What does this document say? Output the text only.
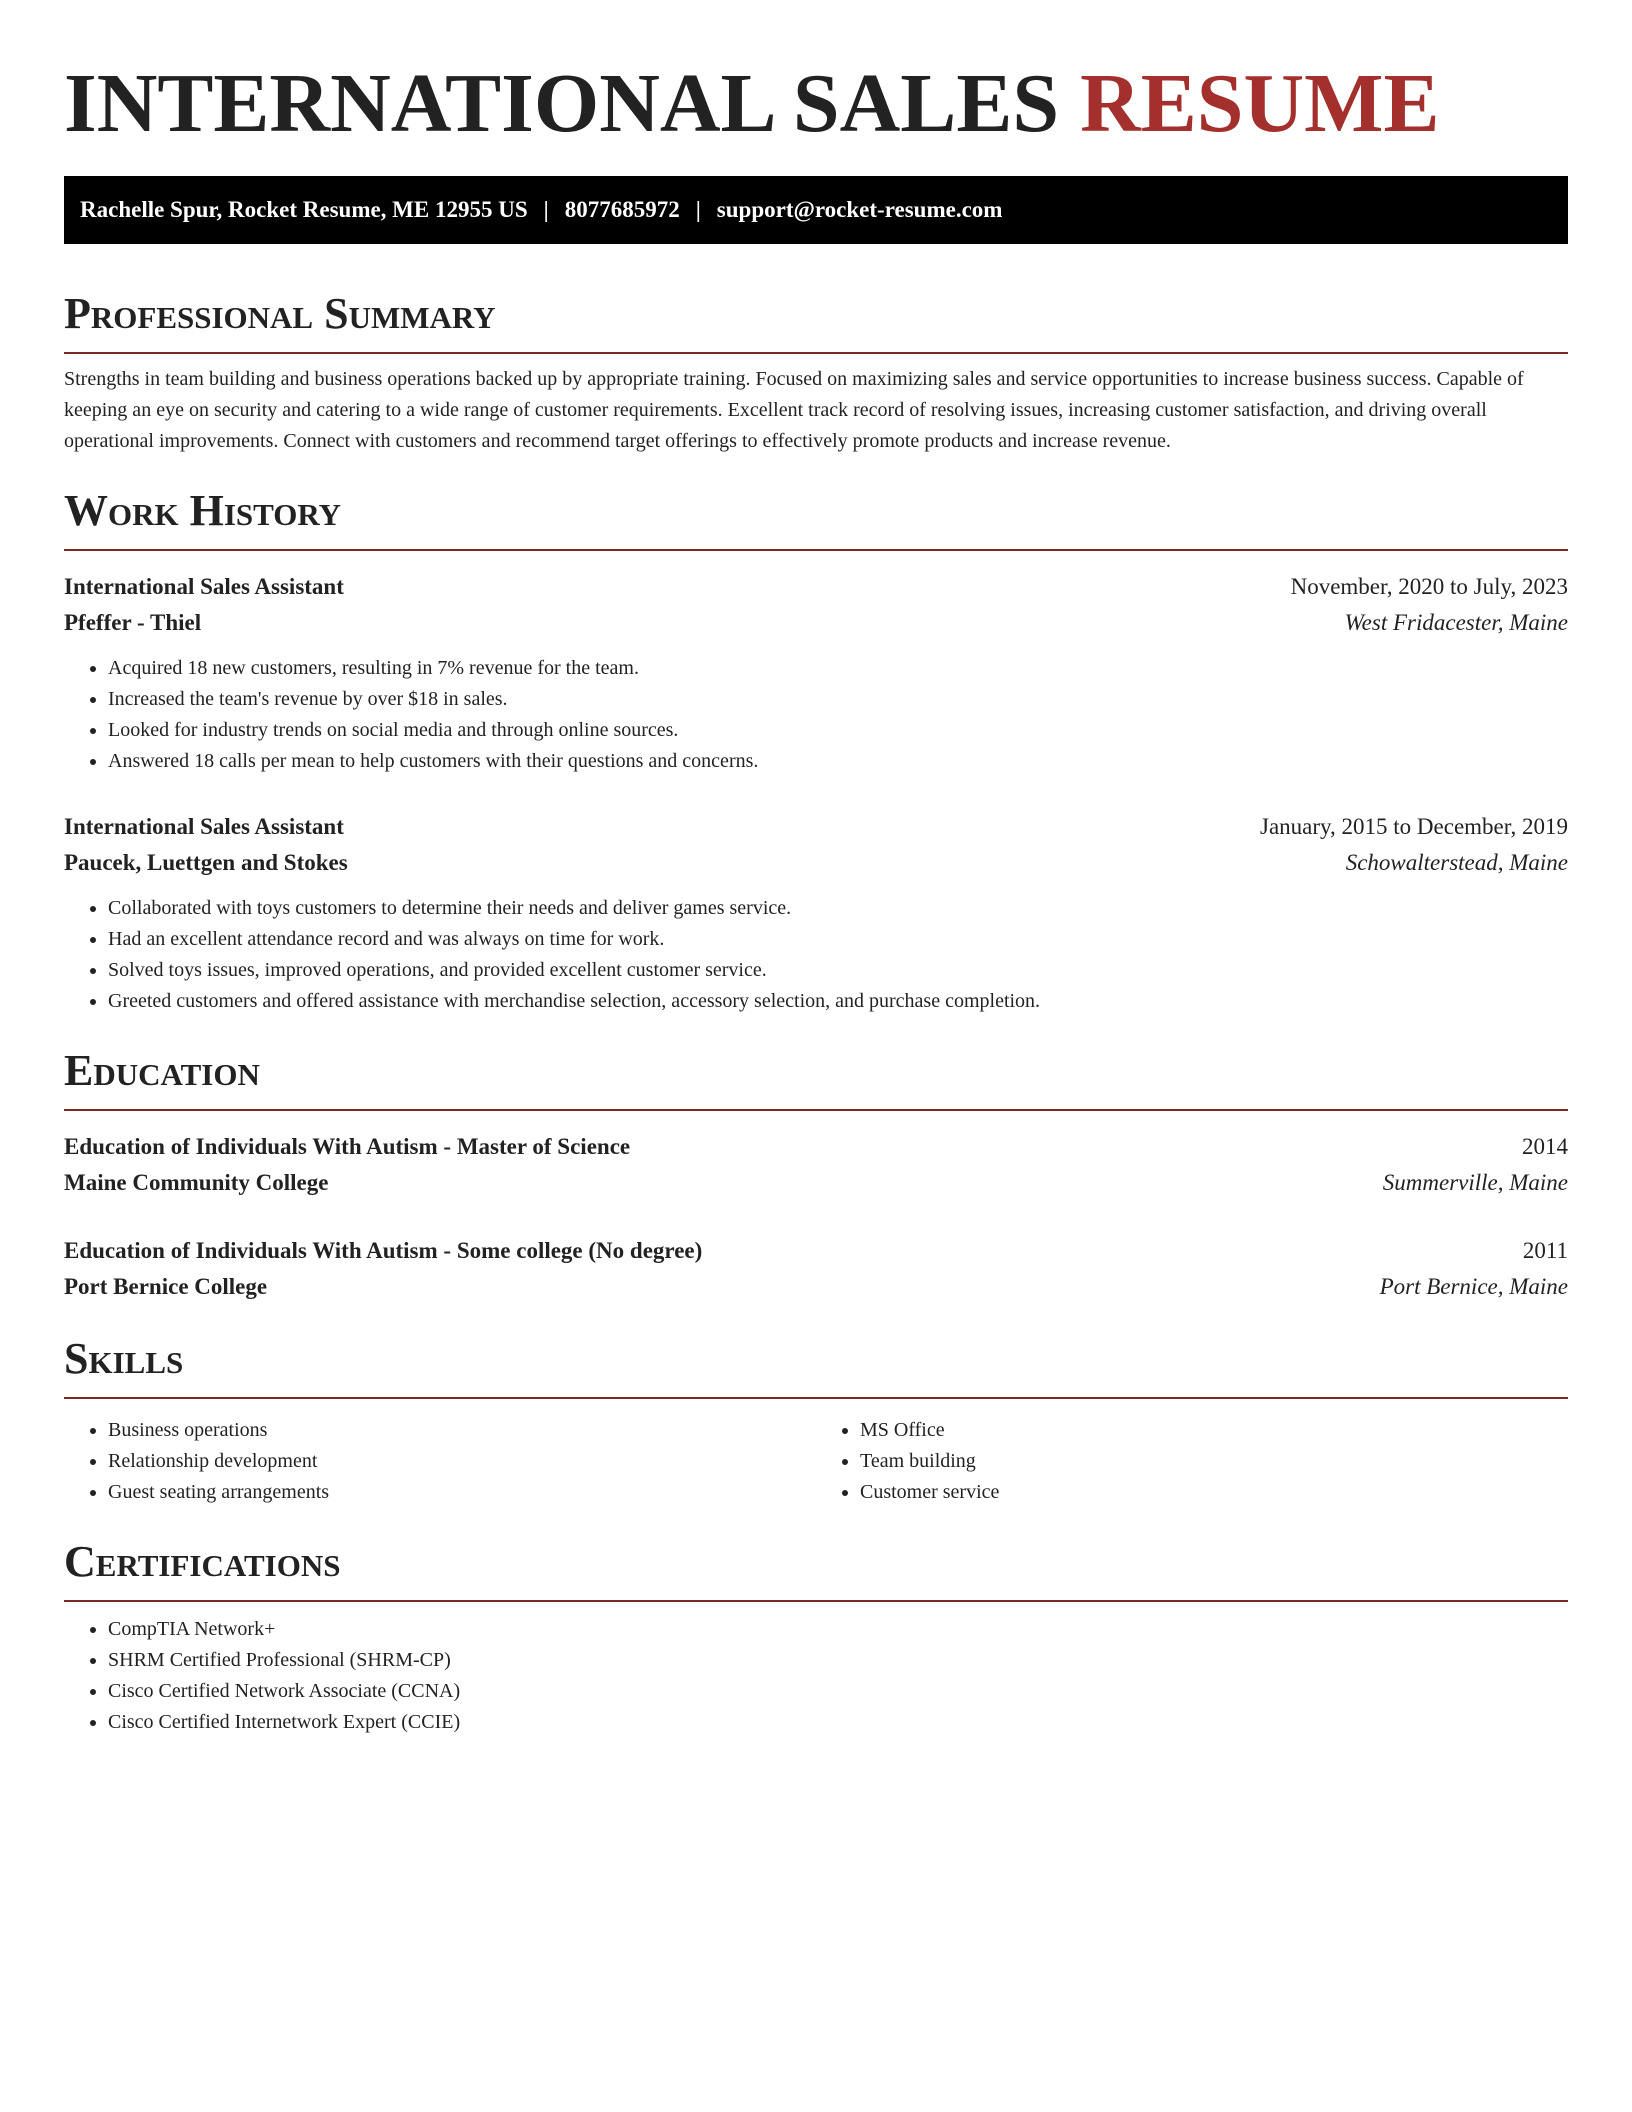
INTERNATIONAL SALES RESUME
Rachelle Spur, Rocket Resume, ME 12955 US | 8077685972 | support@rocket-resume.com
Professional Summary

Strengths in team building and business operations backed up by appropriate training. Focused on maximizing sales and service opportunities to increase business success. Capable of keeping an eye on security and catering to a wide range of customer requirements. Excellent track record of resolving issues, increasing customer satisfaction, and driving overall operational improvements. Connect with customers and recommend target offerings to effectively promote products and increase revenue.

Work History
International Sales Assistant	November, 2020 to July, 2023
Pfeffer - Thiel	West Fridacester, Maine
• Acquired 18 new customers, resulting in 7% revenue for the team.
• Increased the team's revenue by over $18 in sales.
• Looked for industry trends on social media and through online sources.
• Answered 18 calls per mean to help customers with their questions and concerns.
International Sales Assistant	January, 2015 to December, 2019
Paucek, Luettgen and Stokes	Schowalterstead, Maine
• Collaborated with toys customers to determine their needs and deliver games service.
• Had an excellent attendance record and was always on time for work.
• Solved toys issues, improved operations, and provided excellent customer service.
• Greeted customers and offered assistance with merchandise selection, accessory selection, and purchase completion.
Education
Education of Individuals With Autism - Master of Science	2014
Maine Community College	Summerville, Maine
Education of Individuals With Autism - Some college (No degree)	2011
Port Bernice College	Port Bernice, Maine
Skills
• Business operations
• Relationship development
• Guest seating arrangements
• MS Office
• Team building
• Customer service
Certifications
• CompTIA Network+
• SHRM Certified Professional (SHRM-CP)
• Cisco Certified Network Associate (CCNA)
• Cisco Certified Internetwork Expert (CCIE)
